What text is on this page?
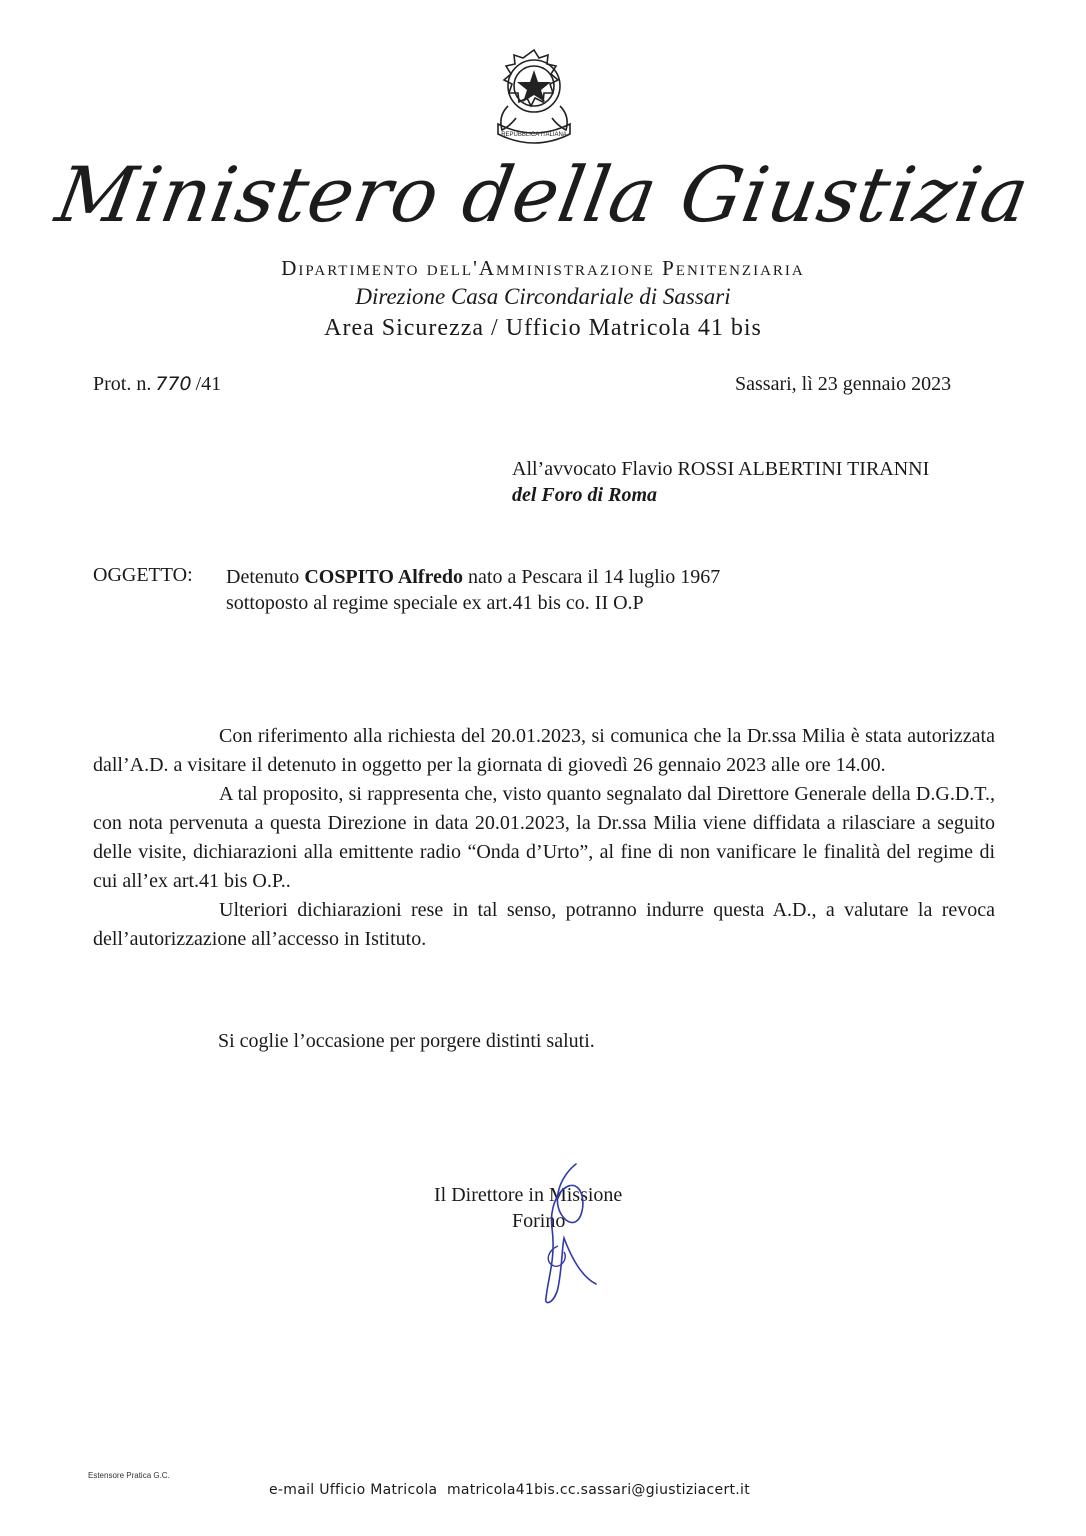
REPUBBLICA ITALIANA
Ministero della Giustizia
Dipartimento dell'Amministrazione Penitenziaria
Direzione Casa Circondariale di Sassari
Area Sicurezza / Ufficio Matricola 41 bis
Prot. n. 770 /41	Sassari, lì 23 gennaio 2023
All’avvocato Flavio ROSSI ALBERTINI TIRANNI
del Foro di Roma
OGGETTO: Detenuto COSPITO Alfredo nato a Pescara il 14 luglio 1967
sottoposto al regime speciale ex art.41 bis co. II O.P

Con riferimento alla richiesta del 20.01.2023, si comunica che la Dr.ssa Milia è stata autorizzata dall’A.D. a visitare il detenuto in oggetto per la giornata di giovedì 26 gennaio 2023 alle ore 14.00.

A tal proposito, si rappresenta che, visto quanto segnalato dal Direttore Generale della D.G.D.T., con nota pervenuta a questa Direzione in data 20.01.2023, la Dr.ssa Milia viene diffidata a rilasciare a seguito delle visite, dichiarazioni alla emittente radio “Onda d’Urto”, al fine di non vanificare le finalità del regime di cui all’ex art.41 bis O.P..

Ulteriori dichiarazioni rese in tal senso, potranno indurre questa A.D., a valutare la revoca dell’autorizzazione all’accesso in Istituto.

Si coglie l’occasione per porgere distinti saluti.
Il Direttore in Missione
Forino
Estensore Pratica G.C.
e-mail Ufficio Matricola matricola41bis.cc.sassari@giustiziacert.it
